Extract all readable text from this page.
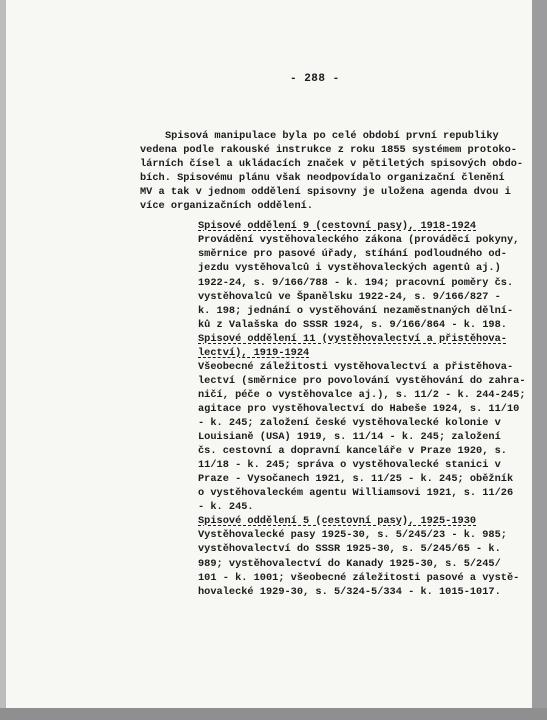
- 288 -
Spisová manipulace byla po celé období první republiky
vedena podle rakouské instrukce z roku 1855 systémem protoko-
lárních čísel a ukládacích značek v pětiletých spisových obdo-
bích. Spisovému plánu však neodpovídalo organizační členění
MV a tak v jednom oddělení spisovny je uložena agenda dvou i
více organizačních oddělení.
Spisové oddělení 9 (cestovní pasy), 1918-1924
Provádění vystěhovaleckého zákona (prováděcí pokyny,
směrnice pro pasové úřady, stíhání podloudného od-
jezdu vystěhovalců i vystěhovaleckých agentů aj.)
1922-24, s. 9/166/788 - k. 194; pracovní poměry čs.
vystěhovalců ve Španělsku 1922-24, s. 9/166/827 -
k. 198; jednání o vystěhování nezaměstnaných dělní-
ků z Valašska do SSSR 1924, s. 9/166/864 - k. 198.
Spisové oddělení 11 (vystěhovalectví a přistěhova-
lectví), 1919-1924
Všeobecné záležitosti vystěhovalectví a přistěhova-
lectví (směrnice pro povolování vystěhování do zahra-
ničí, péče o vystěhovalce aj.), s. 11/2 - k. 244-245;
agitace pro vystěhovalectví do Habeše 1924, s. 11/10
- k. 245; založení české vystěhovalecké kolonie v
Louisianě (USA) 1919, s. 11/14 - k. 245; založení
čs. cestovní a dopravní kanceláře v Praze 1920, s.
11/18 - k. 245; správa o vystěhovalecké stanici v
Praze - Vysočanech 1921, s. 11/25 - k. 245; oběžník
o vystěhovaleckém agentu Williamsovi 1921, s. 11/26
- k. 245.
Spisové oddělení 5 (cestovní pasy), 1925-1930
Vystěhovalecké pasy 1925-30, s. 5/245/23 - k. 985;
vystěhovalectví do SSSR 1925-30, s. 5/245/65 - k.
989; vystěhovalectví do Kanady 1925-30, s. 5/245/
101 - k. 1001; všeobecné záležitosti pasové a vystě-
hovalecké 1929-30, s. 5/324-5/334 - k. 1015-1017.
